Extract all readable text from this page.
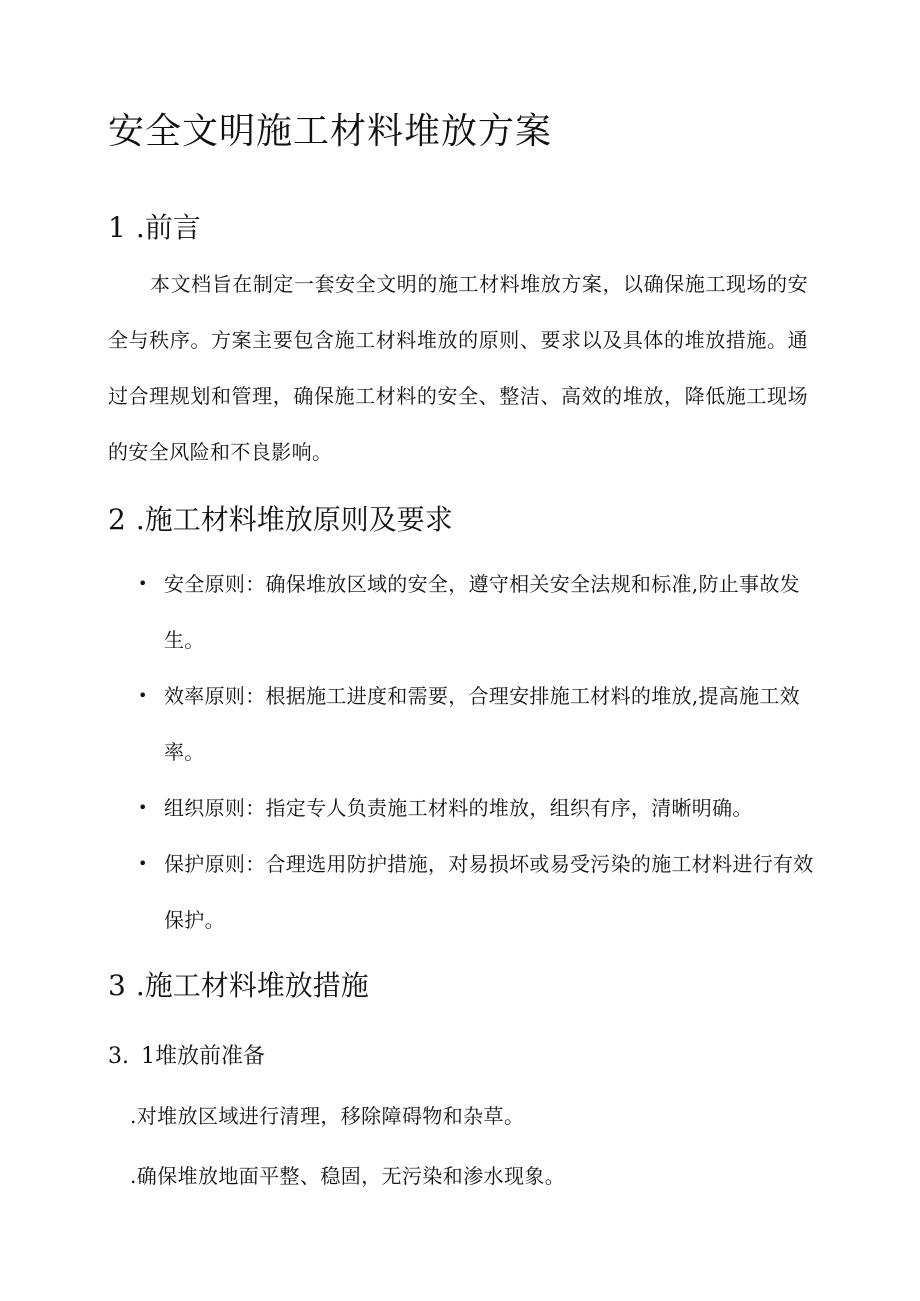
安全文明施工材料堆放方案
1 .前言

本文档旨在制定一套安全文明的施工材料堆放方案，以确保施工现场的安全与秩序。方案主要包含施工材料堆放的原则、要求以及具体的堆放措施。通过合理规划和管理，确保施工材料的安全、整洁、高效的堆放，降低施工现场的安全风险和不良影响。

2 .施工材料堆放原则及要求
• 安全原则：确保堆放区域的安全，遵守相关安全法规和标准,防止事故发生。
• 效率原则：根据施工进度和需要，合理安排施工材料的堆放,提高施工效率。
• 组织原则：指定专人负责施工材料的堆放，组织有序，清晰明确。
• 保护原则：合理选用防护措施，对易损坏或易受污染的施工材料进行有效保护。
3 .施工材料堆放措施
3. 1堆放前准备

.对堆放区域进行清理，移除障碍物和杂草。

.确保堆放地面平整、稳固，无污染和渗水现象。
